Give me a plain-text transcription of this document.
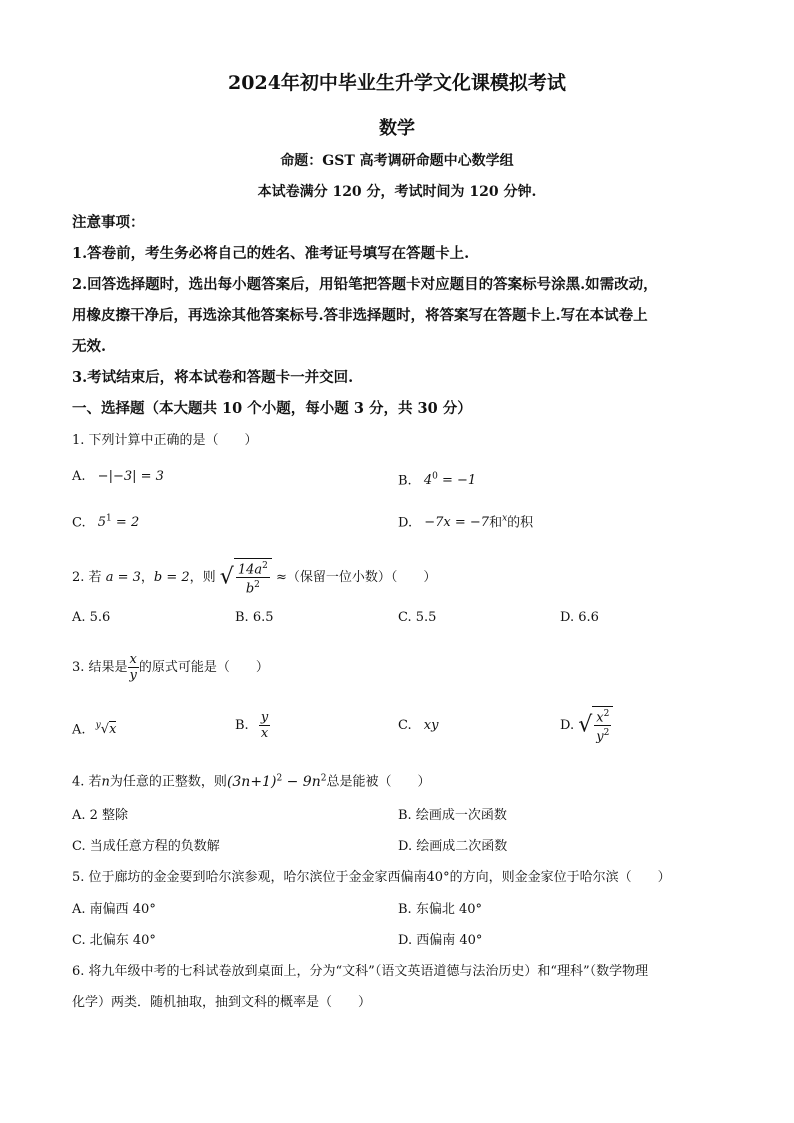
2024年初中毕业生升学文化课模拟考试
数学
命题：GST 高考调研命题中心数学组
本试卷满分 120 分，考试时间为 120 分钟.
注意事项：
1.答卷前，考生务必将自己的姓名、准考证号填写在答题卡上.
2.回答选择题时，选出每小题答案后，用铅笔把答题卡对应题目的答案标号涂黑.如需改动，
用橡皮擦干净后，再选涂其他答案标号.答非选择题时，将答案写在答题卡上.写在本试卷上
无效.
3.考试结束后，将本试卷和答题卡一并交回.
一、选择题（本大题共 10 个小题，每小题 3 分，共 30 分）
1. 下列计算中正确的是（　　）
A. −|−3| = 3	B. $4^0 = -1$
C. $5^1 = 2$	D. −7x = −7和$^x$的积
2. 若 a = 3，b = 2，则 √ $\frac{14a^2}{b^2}$ ≈（保留一位小数）（　　）
A. 5.6	B. 6.5	C. 5.5	D. 6.6
3. 结果是 $\frac{x}{y}$ 的原式可能是（　　）
A. $^y$√x	B. $\frac{y}{x}$	C. xy	D. √ $\frac{x^2}{y^2}$
4. 若n为任意的正整数，则$(3n+1)^2 - 9n^2$总是能被（　　）
A. 2 整除	B. 绘画成一次函数
C. 当成任意方程的负数解	D. 绘画成二次函数
5. 位于廊坊的金金要到哈尔滨参观，哈尔滨位于金金家西偏南40°的方向，则金金家位于哈尔滨（　　）
A. 南偏西 40°	B. 东偏北 40°
C. 北偏东 40°	D. 西偏南 40°
6. 将九年级中考的七科试卷放到桌面上，分为“文科”（语文英语道德与法治历史）和“理科”（数学物理
化学）两类．随机抽取，抽到文科的概率是（　　）
